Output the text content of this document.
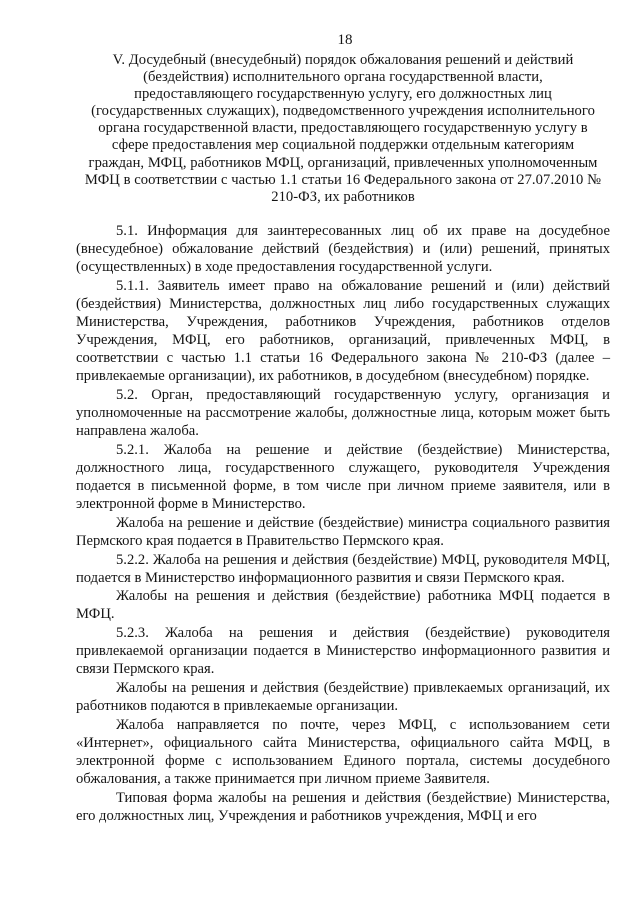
18
V. Досудебный (внесудебный) порядок обжалования решений и действий
(бездействия) исполнительного органа государственной власти,
предоставляющего государственную услугу, его должностных лиц
(государственных служащих), подведомственного учреждения исполнительного
органа государственной власти, предоставляющего государственную услугу в
сфере предоставления мер социальной поддержки отдельным категориям
граждан, МФЦ, работников МФЦ, организаций, привлеченных уполномоченным
МФЦ в соответствии с частью 1.1 статьи 16 Федерального закона от 27.07.2010 №
210-ФЗ, их работников

5.1. Информация для заинтересованных лиц об их праве на досудебное (внесудебное) обжалование действий (бездействия) и (или) решений, принятых (осуществленных) в ходе предоставления государственной услуги.

5.1.1. Заявитель имеет право на обжалование решений и (или) действий (бездействия) Министерства, должностных лиц либо государственных служащих Министерства, Учреждения, работников Учреждения, работников отделов Учреждения, МФЦ, его работников, организаций, привлеченных МФЦ, в соответствии с частью 1.1 статьи 16 Федерального закона № 210-ФЗ (далее – привлекаемые организации), их работников, в досудебном (внесудебном) порядке.

5.2. Орган, предоставляющий государственную услугу, организация и уполномоченные на рассмотрение жалобы, должностные лица, которым может быть направлена жалоба.

5.2.1. Жалоба на решение и действие (бездействие) Министерства, должностного лица, государственного служащего, руководителя Учреждения подается в письменной форме, в том числе при личном приеме заявителя, или в электронной форме в Министерство.

Жалоба на решение и действие (бездействие) министра социального развития Пермского края подается в Правительство Пермского края.

5.2.2. Жалоба на решения и действия (бездействие) МФЦ, руководителя МФЦ, подается в Министерство информационного развития и связи Пермского края.

Жалобы на решения и действия (бездействие) работника МФЦ подается в МФЦ.

5.2.3. Жалоба на решения и действия (бездействие) руководителя привлекаемой организации подается в Министерство информационного развития и связи Пермского края.

Жалобы на решения и действия (бездействие) привлекаемых организаций, их работников подаются в привлекаемые организации.

Жалоба направляется по почте, через МФЦ, с использованием сети «Интернет», официального сайта Министерства, официального сайта МФЦ, в электронной форме с использованием Единого портала, системы досудебного обжалования, а также принимается при личном приеме Заявителя.

Типовая форма жалобы на решения и действия (бездействие) Министерства, его должностных лиц, Учреждения и работников учреждения, МФЦ и его
